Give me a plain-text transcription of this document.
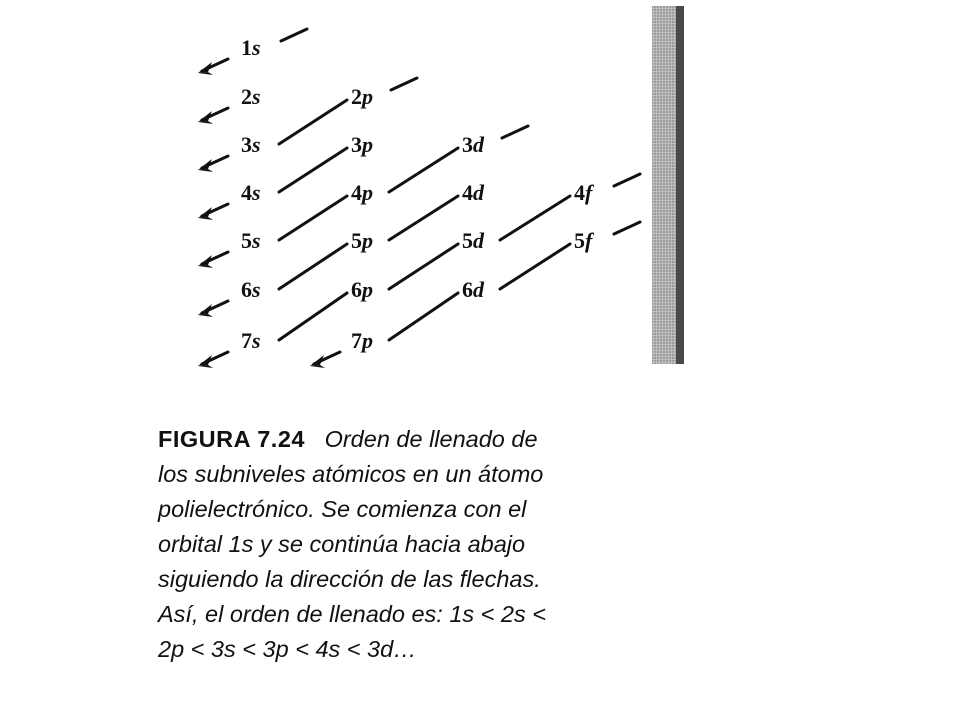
1s
2s	2p
3s	3p	3d
4s	4p	4d	4f
5s	5p	5d	5f
6s	6p	6d
7s	7p
FIGURA 7.24 Orden de llenado de
los subniveles atómicos en un átomo
polielectrónico. Se comienza con el
orbital 1s y se continúa hacia abajo
siguiendo la dirección de las flechas.
Así, el orden de llenado es: 1s < 2s <
2p < 3s < 3p < 4s < 3d…
